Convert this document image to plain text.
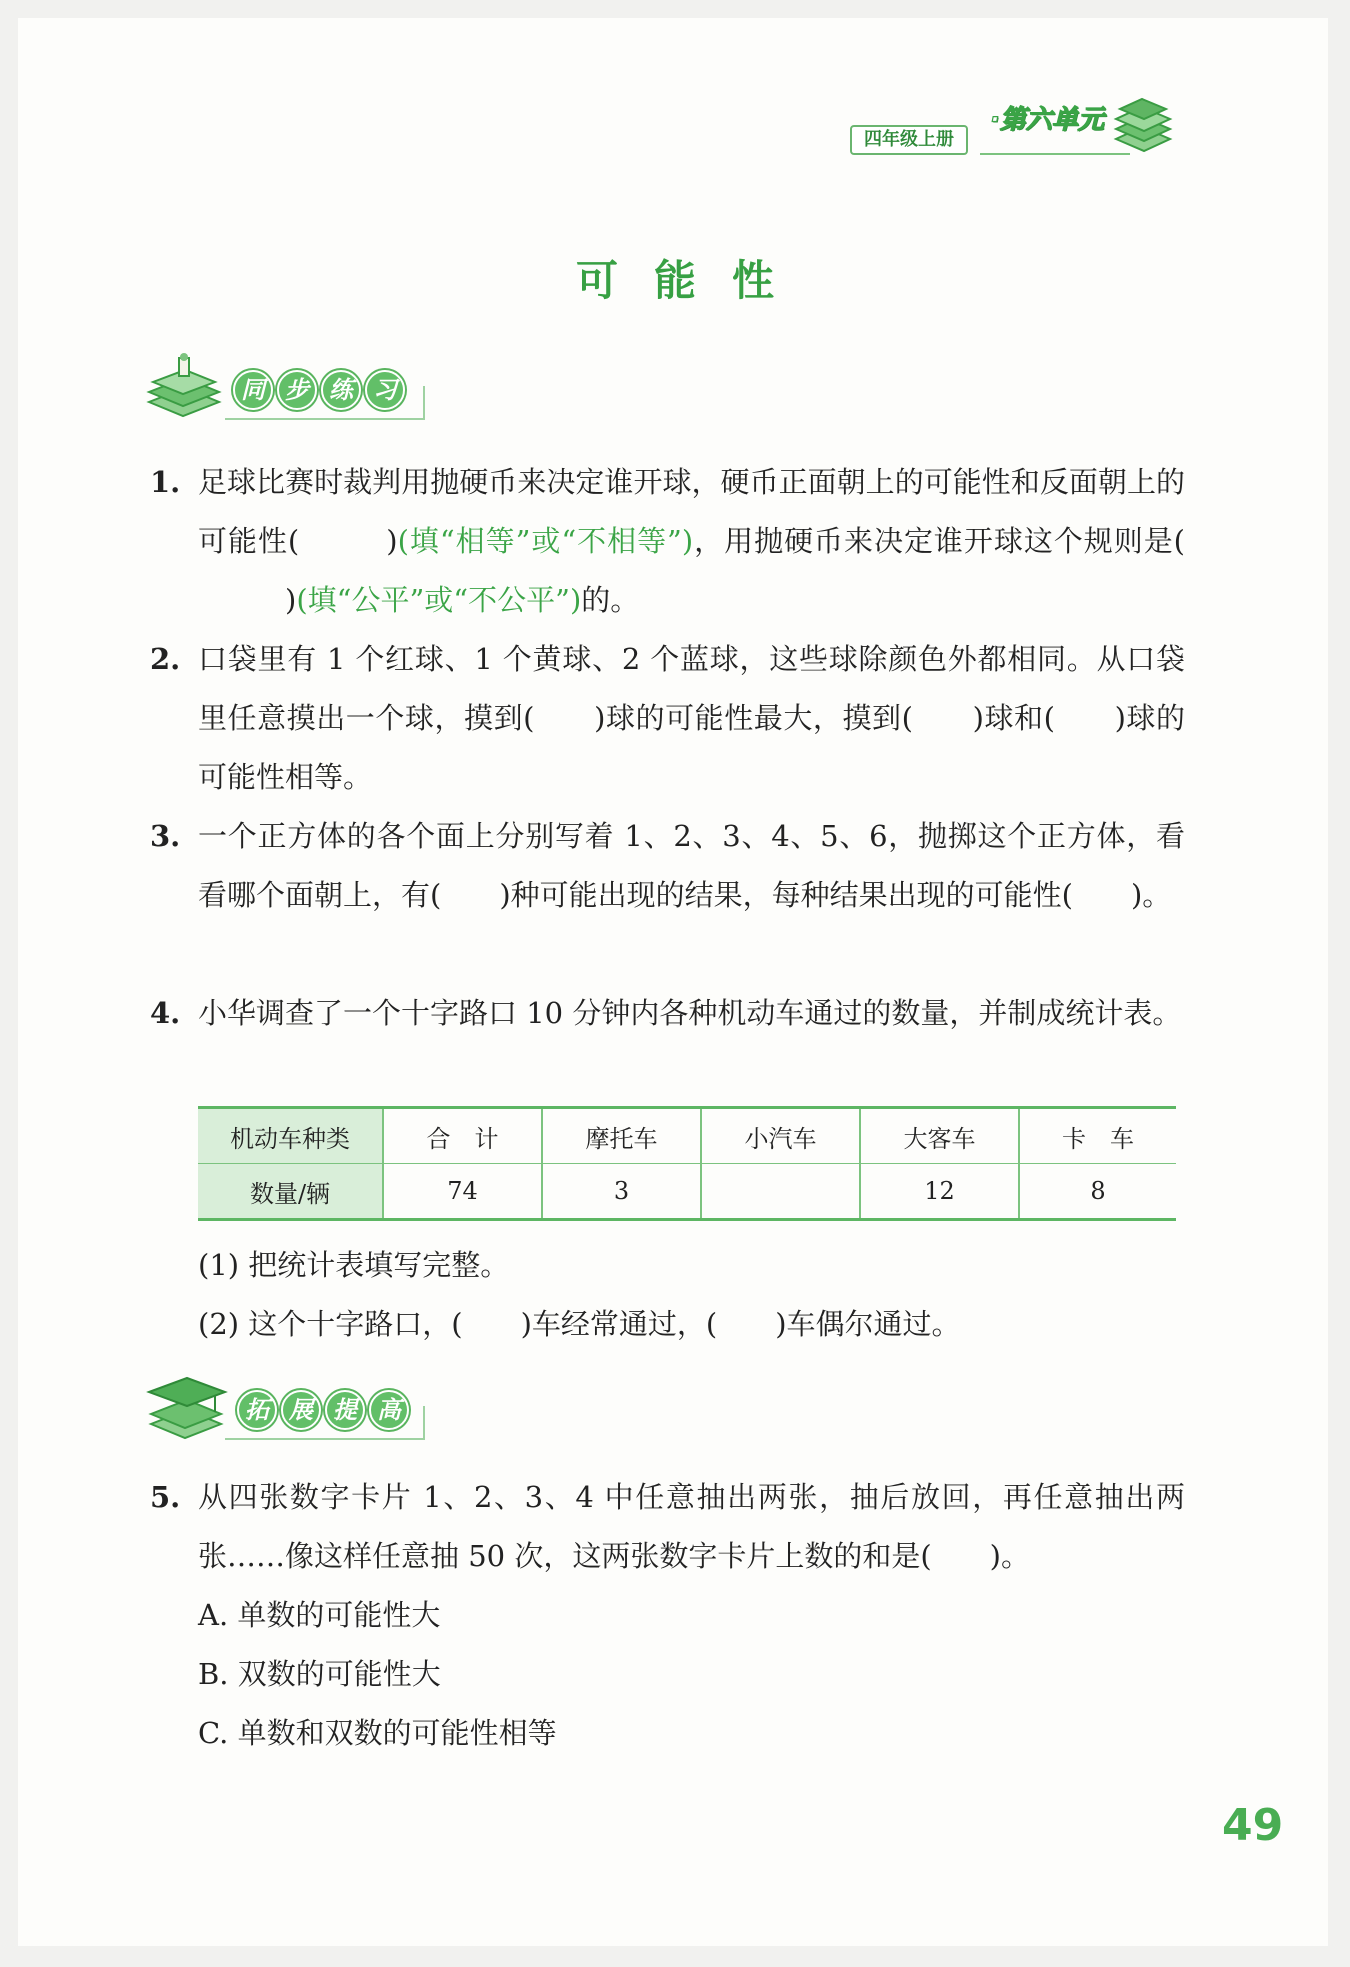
四年级上册
·第六单元
可能性
同 步 练 习
1. 足球比赛时裁判用抛硬币来决定谁开球，硬币正面朝上的可能性和反面朝上的可能性(　　　	)(填“相等”或“不相等”)，用抛硬币来决定谁开球这个规则是(　　　)(填“公平”或“不公平”)的。
2. 口袋里有 1 个红球、1 个黄球、2 个蓝球，这些球除颜色外都相同。从口袋里任意摸出一个球，摸到(　　)球的可能性最大，摸到(　　)球和(　　)球的可能性相等。
3. 一个正方体的各个面上分别写着 1、2、3、4、5、6，抛掷这个正方体，看看哪个面朝上，有(　　)种可能出现的结果，每种结果出现的可能性(　　)。
4. 小华调查了一个十字路口 10 分钟内各种机动车通过的数量，并制成统计表。
机动车种类	合　计	摩托车	小汽车	大客车	卡　车
数量/辆	74	3		12	8
(1) 把统计表填写完整。
(2) 这个十字路口，(　　)车经常通过，(　　)车偶尔通过。
拓 展 提 高
5. 从四张数字卡片 1、2、3、4 中任意抽出两张，抽后放回，再任意抽出两张……像这样任意抽 50 次，这两张数字卡片上数的和是(　　)。
A. 单数的可能性大
B. 双数的可能性大
C. 单数和双数的可能性相等
49
